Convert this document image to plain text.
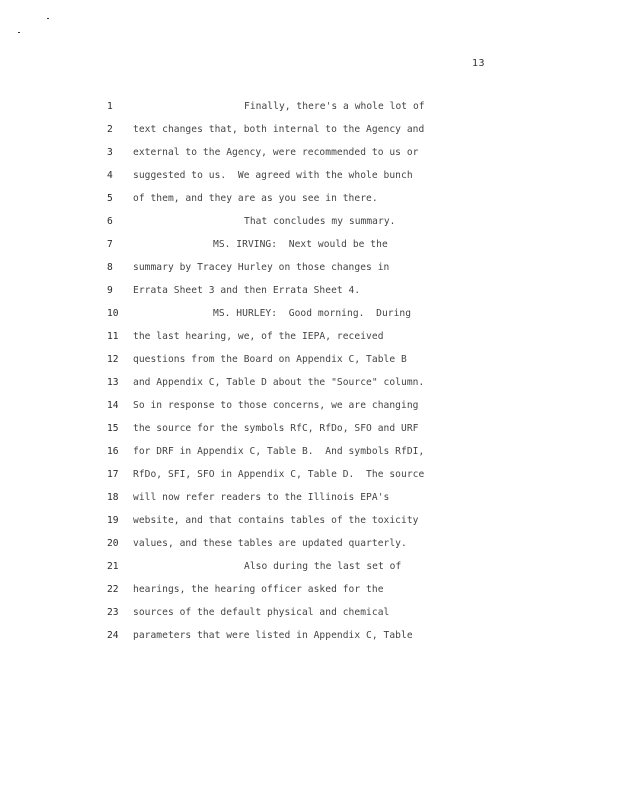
13
1	Finally, there's a whole lot of
2	text changes that, both internal to the Agency and
3	external to the Agency, were recommended to us or
4	suggested to us.  We agreed with the whole bunch
5	of them, and they are as you see in there.
6	That concludes my summary.
7	MS. IRVING:  Next would be the
8	summary by Tracey Hurley on those changes in
9	Errata Sheet 3 and then Errata Sheet 4.
10	MS. HURLEY:  Good morning.  During
11	the last hearing, we, of the IEPA, received
12	questions from the Board on Appendix C, Table B
13	and Appendix C, Table D about the "Source" column.
14	So in response to those concerns, we are changing
15	the source for the symbols RfC, RfDo, SFO and URF
16	for DRF in Appendix C, Table B.  And symbols RfDI,
17	RfDo, SFI, SFO in Appendix C, Table D.  The source
18	will now refer readers to the Illinois EPA's
19	website, and that contains tables of the toxicity
20	values, and these tables are updated quarterly.
21	Also during the last set of
22	hearings, the hearing officer asked for the
23	sources of the default physical and chemical
24	parameters that were listed in Appendix C, Table
